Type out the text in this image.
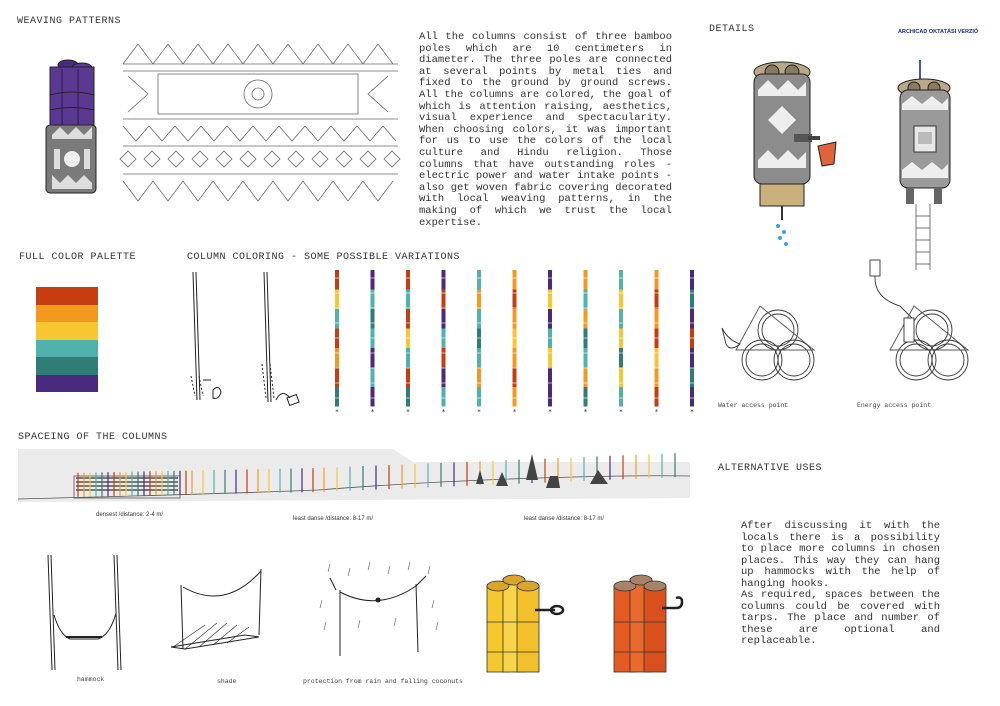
WEAVING PATTERNS
All the columns consist of three bamboo poles which are 10 centimeters in diameter. The three poles are connected at several points by metal ties and fixed to the ground by ground screws. All the columns are colored, the goal of which is attention raising, aesthetics, visual experience and spectacularity. When choosing colors, it was important for us to use the colors of the local culture and Hindu religion. Those columns that have outstanding roles - electric power and water intake points - also get woven fabric covering decorated with local weaving patterns, in the making of which we trust the local expertise.
DETAILS	ARCHICAD OKTATÁSI VERZIÓ
Water access point	Energy access point
FULL COLOR PALETTE	COLUMN COLORING - SOME POSSIBLE VARIATIONS
*	*	*	*	*	*	*	*	*	*	*
SPACEING OF THE COLUMNS
densest /distance: 2-4 m/
least danse /distance: 8-17 m/	least danse /distance: 8-17 m/
ALTERNATIVE USES
After discussing it with the locals there is a possibility to place more columns in chosen places. This way they can hang up hammocks with the help of hanging hooks.
As required, spaces between the columns could be covered with tarps. The place and number of these are optional and replaceable.
hammock	shade	protection from rain and falling coconuts
